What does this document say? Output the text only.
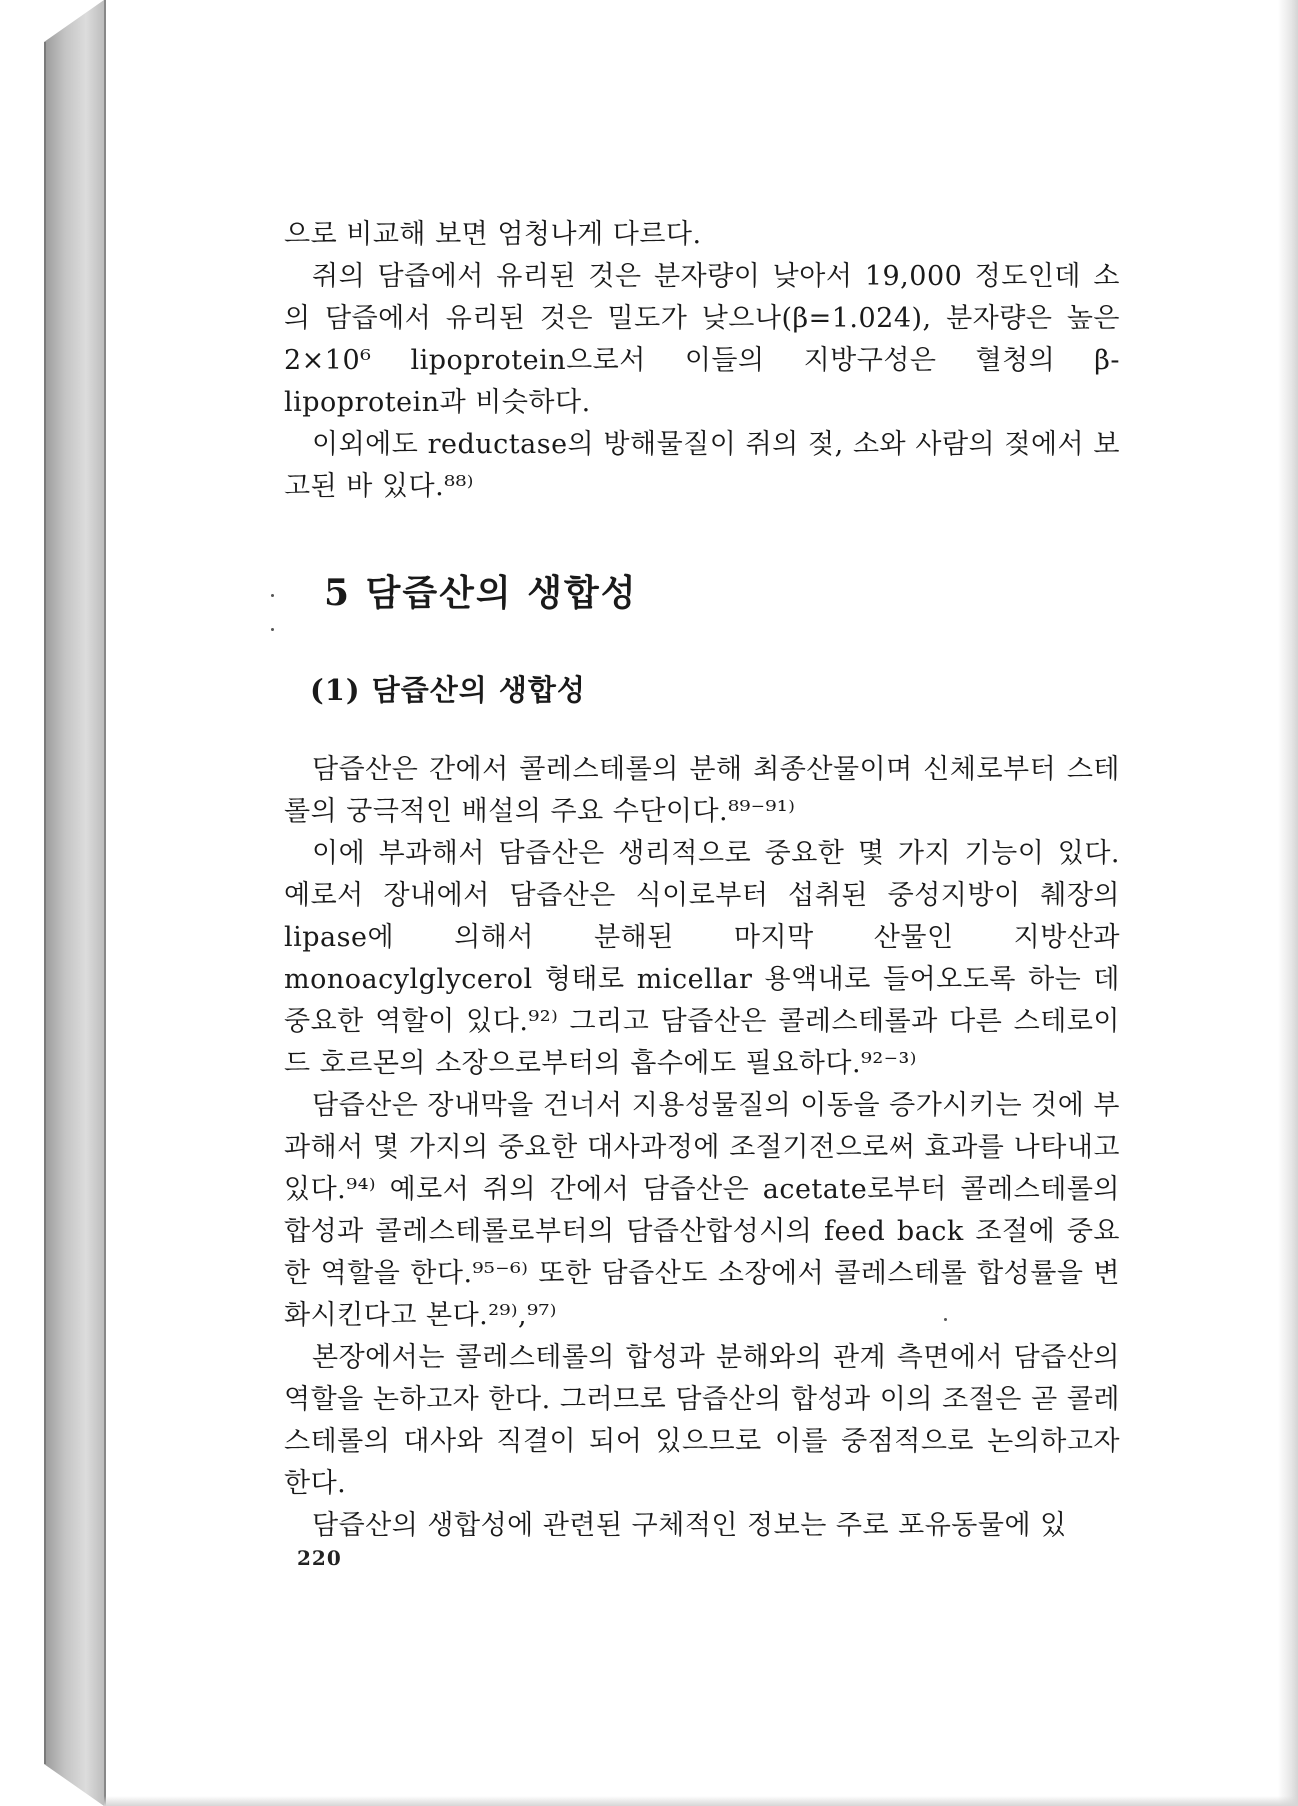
으로 비교해 보면 엄청나게 다르다.

쥐의 담즙에서 유리된 것은 분자량이 낮아서 19,000 정도인데 소의 담즙에서 유리된 것은 밀도가 낮으나(β=1.024), 분자량은 높은 2×10⁶ lipoprotein으로서 이들의 지방구성은 혈청의 β-lipoprotein과 비슷하다.

이외에도 reductase의 방해물질이 쥐의 젖, 소와 사람의 젖에서 보고된 바 있다.⁸⁸⁾

5 담즙산의 생합성
(1) 담즙산의 생합성

담즙산은 간에서 콜레스테롤의 분해 최종산물이며 신체로부터 스테롤의 궁극적인 배설의 주요 수단이다.⁸⁹⁻⁹¹⁾

이에 부과해서 담즙산은 생리적으로 중요한 몇 가지 기능이 있다. 예로서 장내에서 담즙산은 식이로부터 섭취된 중성지방이 췌장의 lipase에 의해서 분해된 마지막 산물인 지방산과 monoacylglycerol 형태로 micellar 용액내로 들어오도록 하는 데 중요한 역할이 있다.⁹²⁾ 그리고 담즙산은 콜레스테롤과 다른 스테로이드 호르몬의 소장으로부터의 흡수에도 필요하다.⁹²⁻³⁾

담즙산은 장내막을 건너서 지용성물질의 이동을 증가시키는 것에 부과해서 몇 가지의 중요한 대사과정에 조절기전으로써 효과를 나타내고 있다.⁹⁴⁾ 예로서 쥐의 간에서 담즙산은 acetate로부터 콜레스테롤의 합성과 콜레스테롤로부터의 담즙산합성시의 feed back 조절에 중요한 역할을 한다.⁹⁵⁻⁶⁾ 또한 담즙산도 소장에서 콜레스테롤 합성률을 변화시킨다고 본다.²⁹⁾,⁹⁷⁾

본장에서는 콜레스테롤의 합성과 분해와의 관계 측면에서 담즙산의 역할을 논하고자 한다. 그러므로 담즙산의 합성과 이의 조절은 곧 콜레스테롤의 대사와 직결이 되어 있으므로 이를 중점적으로 논의하고자 한다.

담즙산의 생합성에 관련된 구체적인 정보는 주로 포유동물에 있

220
